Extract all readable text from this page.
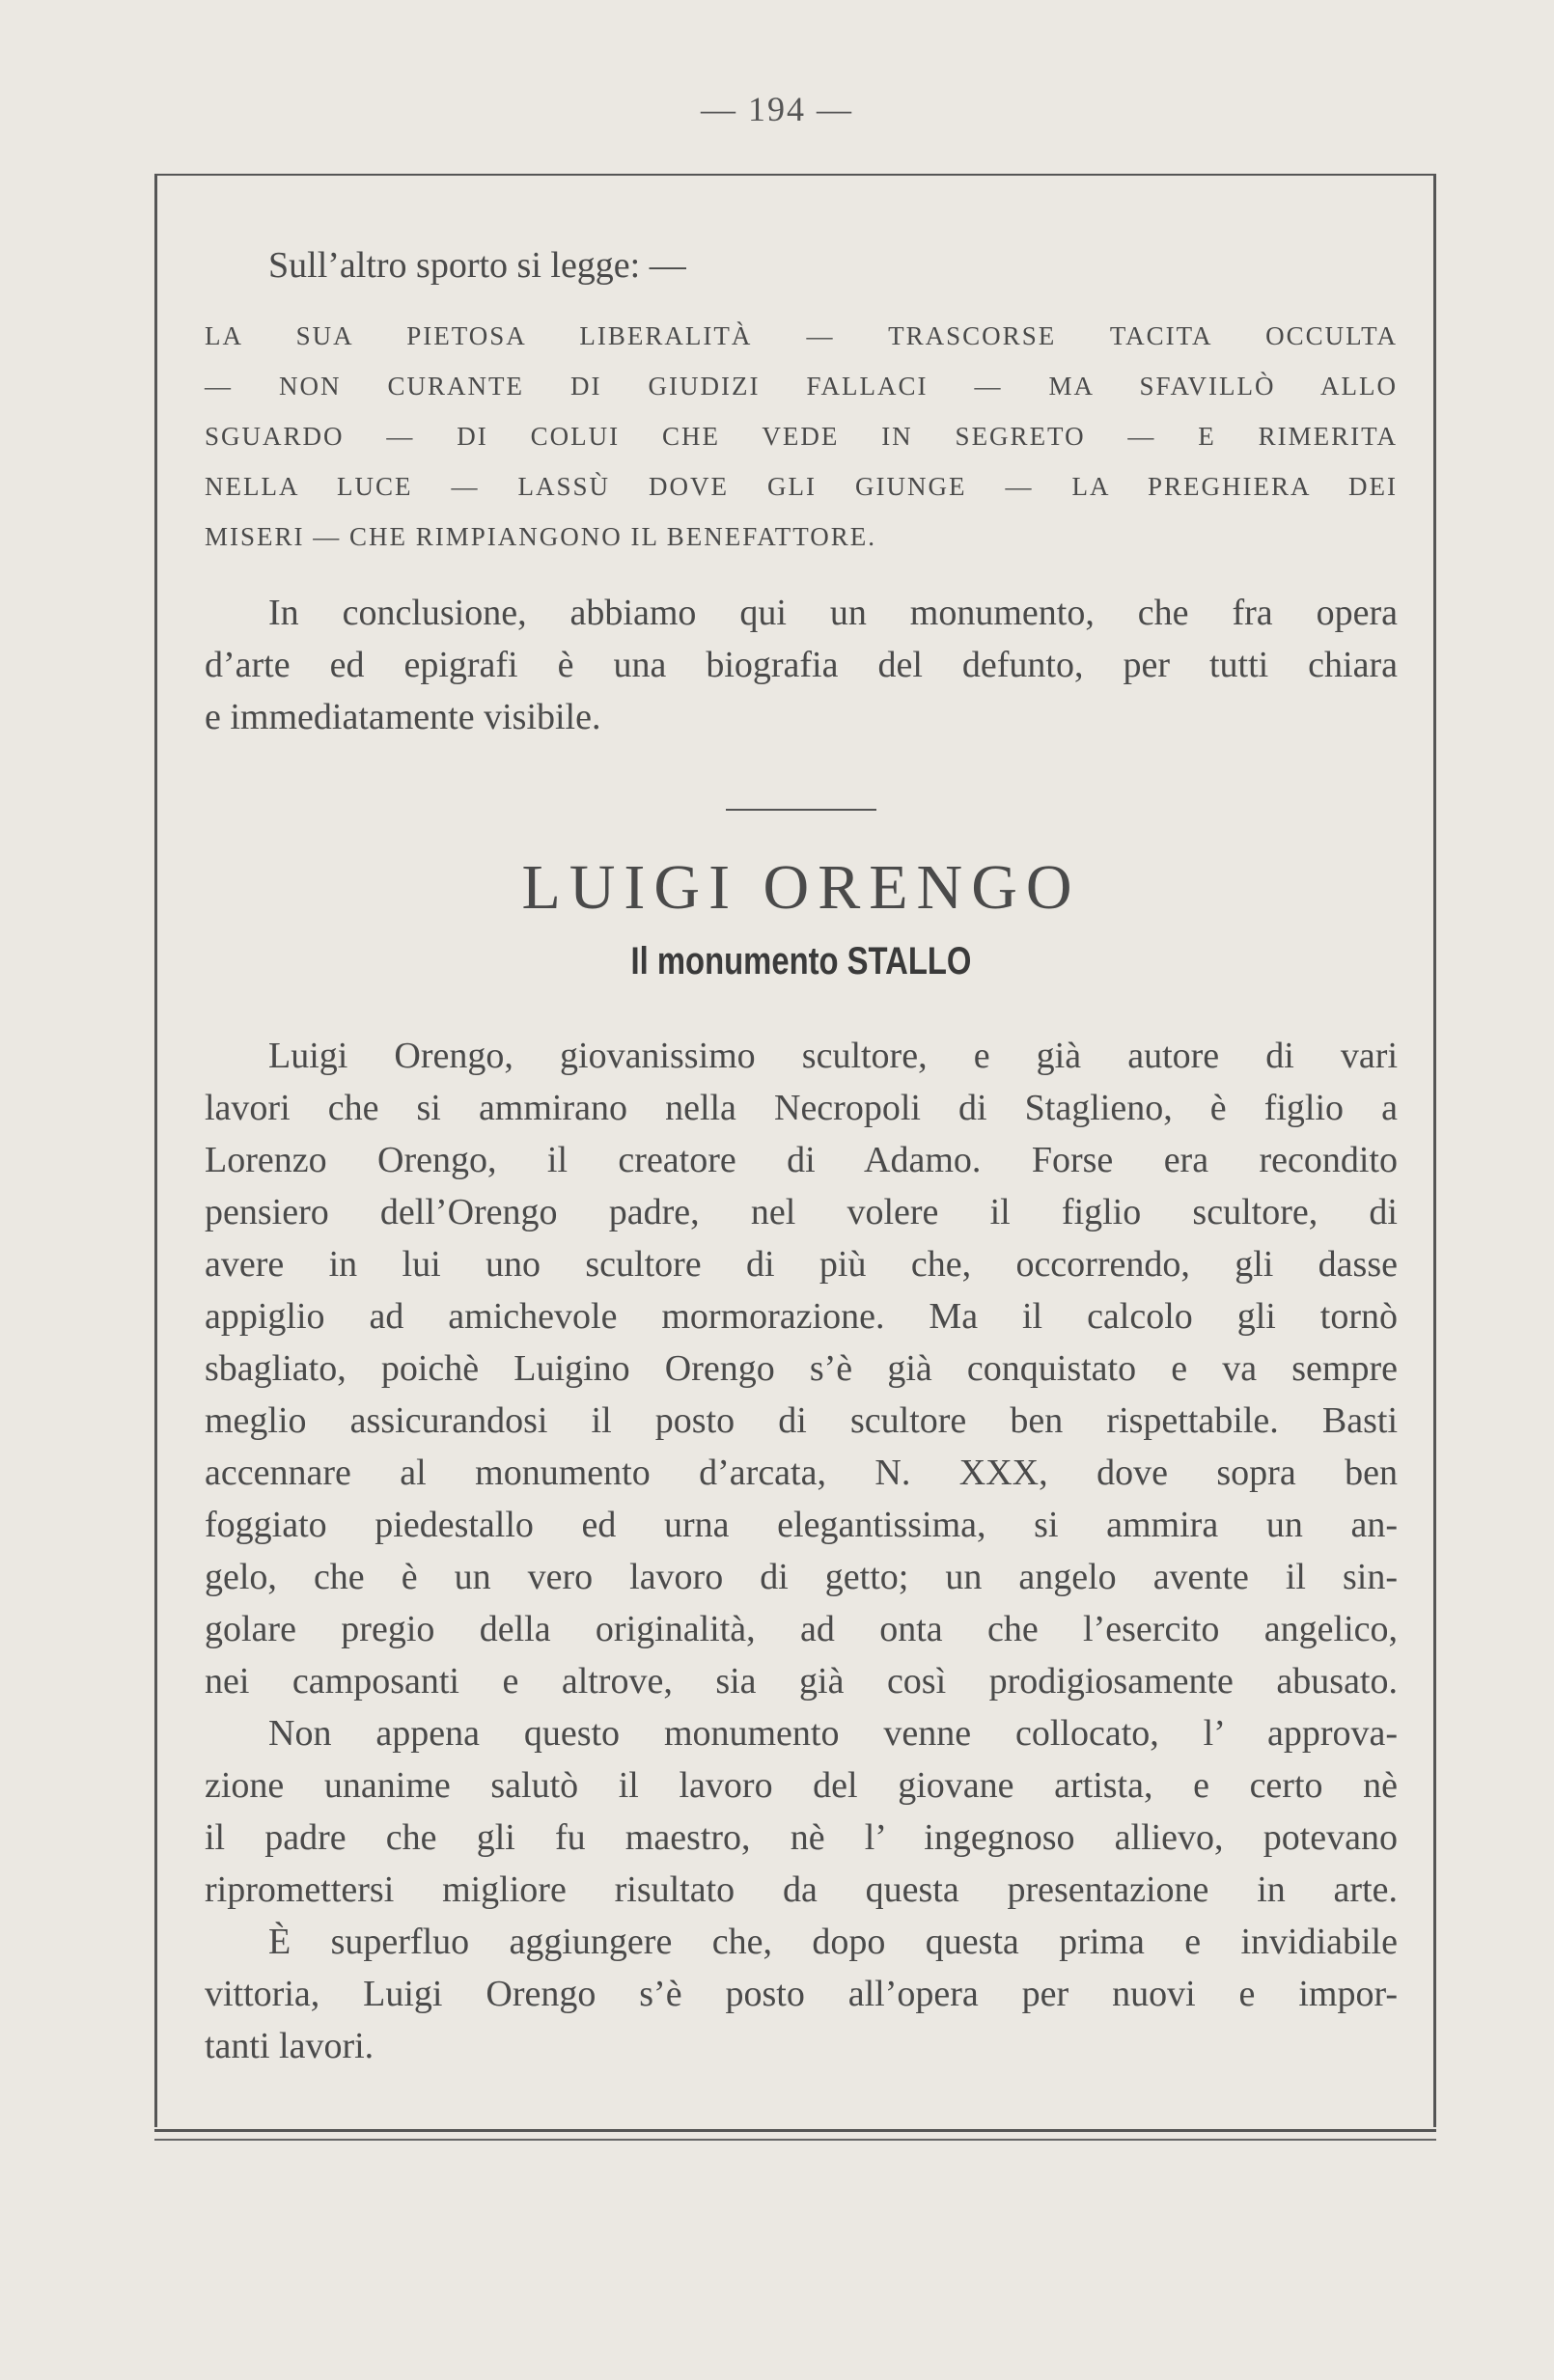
— 194 —

Sull’altro sporto si legge: —

LA SUA PIETOSA LIBERALITÀ — TRASCORSE TACITA OCCULTA
— NON CURANTE DI GIUDIZI FALLACI — MA SFAVILLÒ ALLO
SGUARDO — DI COLUI CHE VEDE IN SEGRETO — E RIMERITA
NELLA LUCE — LASSÙ DOVE GLI GIUNGE — LA PREGHIERA DEI
MISERI — CHE RIMPIANGONO IL BENEFATTORE.
In conclusione, abbiamo qui un monumento, che fra opera
d’arte ed epigrafi è una biografia del defunto, per tutti chiara
e immediatamente visibile.
LUIGI ORENGO
Il monumento STALLO
Luigi Orengo, giovanissimo scultore, e già autore di vari
lavori che si ammirano nella Necropoli di Staglieno, è figlio a
Lorenzo Orengo, il creatore di Adamo. Forse era recondito
pensiero dell’Orengo padre, nel volere il figlio scultore, di
avere in lui uno scultore di più che, occorrendo, gli dasse
appiglio ad amichevole mormorazione. Ma il calcolo gli tornò
sbagliato, poichè Luigino Orengo s’è già conquistato e va sempre
meglio assicurandosi il posto di scultore ben rispettabile. Basti
accennare al monumento d’arcata, N. XXX, dove sopra ben
foggiato piedestallo ed urna elegantissima, si ammira un an-
gelo, che è un vero lavoro di getto; un angelo avente il sin-
golare pregio della originalità, ad onta che l’esercito angelico,
nei camposanti e altrove, sia già così prodigiosamente abusato.
Non appena questo monumento venne collocato, l’ approva-
zione unanime salutò il lavoro del giovane artista, e certo nè
il padre che gli fu maestro, nè l’ ingegnoso allievo, potevano
ripromettersi migliore risultato da questa presentazione in arte.
È superfluo aggiungere che, dopo questa prima e invidiabile
vittoria, Luigi Orengo s’è posto all’opera per nuovi e impor-
tanti lavori.
